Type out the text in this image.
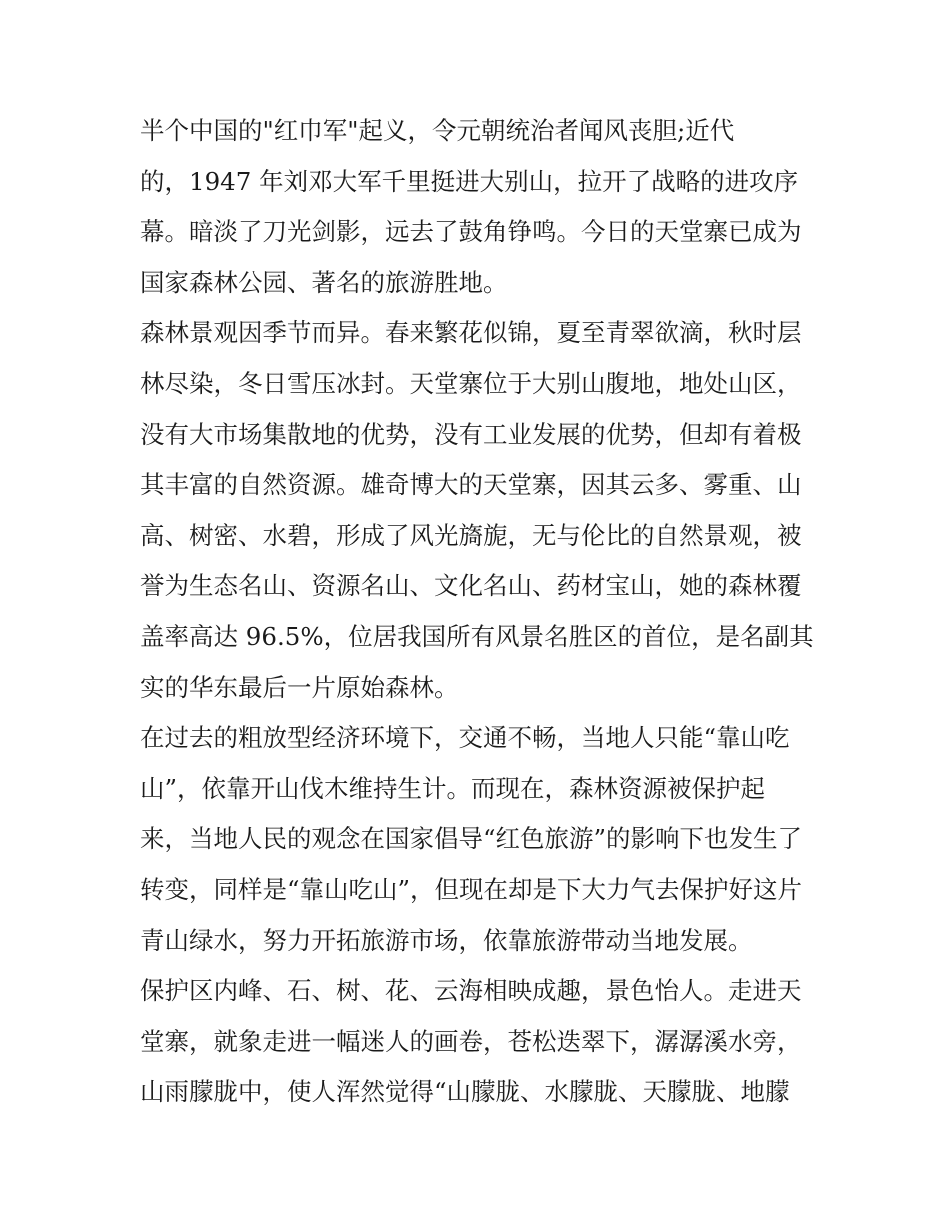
半个中国的"红巾军"起义，令元朝统治者闻风丧胆;近代

的，1947 年刘邓大军千里挺进大别山，拉开了战略的进攻序

幕。暗淡了刀光剑影，远去了鼓角铮鸣。今日的天堂寨已成为

国家森林公园、著名的旅游胜地。

森林景观因季节而异。春来繁花似锦，夏至青翠欲滴，秋时层

林尽染，冬日雪压冰封。天堂寨位于大别山腹地，地处山区，

没有大市场集散地的优势，没有工业发展的优势，但却有着极

其丰富的自然资源。雄奇博大的天堂寨，因其云多、雾重、山

高、树密、水碧，形成了风光旖旎，无与伦比的自然景观，被

誉为生态名山、资源名山、文化名山、药材宝山，她的森林覆

盖率高达 96.5%，位居我国所有风景名胜区的首位，是名副其

实的华东最后一片原始森林。

在过去的粗放型经济环境下，交通不畅，当地人只能“靠山吃

山”，依靠开山伐木维持生计。而现在，森林资源被保护起

来，当地人民的观念在国家倡导“红色旅游”的影响下也发生了

转变，同样是“靠山吃山”，但现在却是下大力气去保护好这片

青山绿水，努力开拓旅游市场，依靠旅游带动当地发展。

保护区内峰、石、树、花、云海相映成趣，景色怡人。走进天

堂寨，就象走进一幅迷人的画卷，苍松迭翠下，潺潺溪水旁，

山雨朦胧中，使人浑然觉得“山朦胧、水朦胧、天朦胧、地朦
